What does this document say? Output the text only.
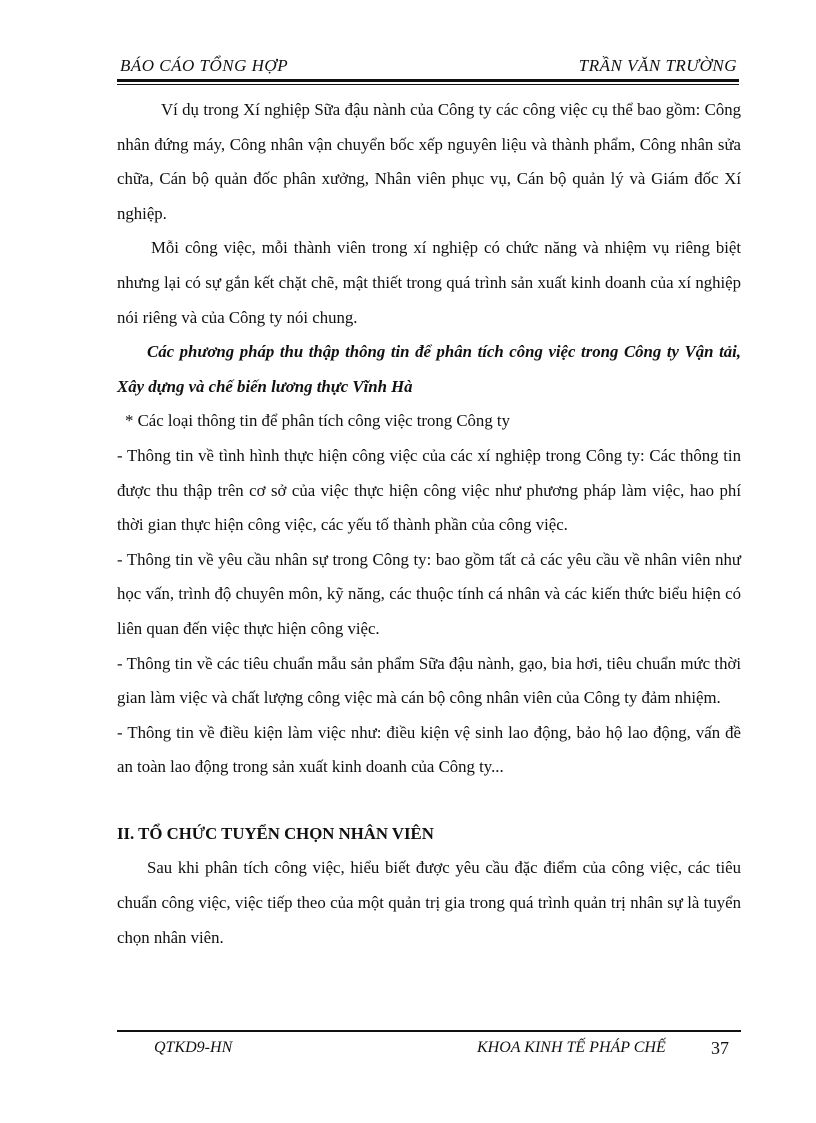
BÁO CÁO TỔNG HỢP	TRẦN VĂN TRƯỜNG

Ví dụ trong Xí nghiệp Sữa đậu nành của Công ty các công việc cụ thể bao gồm: Công nhân đứng máy, Công nhân vận chuyển bốc xếp nguyên liệu và thành phẩm, Công nhân sửa chữa, Cán bộ quản đốc phân xưởng, Nhân viên phục vụ, Cán bộ quản lý và Giám đốc Xí nghiệp.

Mỗi công việc, mỗi thành viên trong xí nghiệp có chức năng và nhiệm vụ riêng biệt nhưng lại có sự gắn kết chặt chẽ, mật thiết trong quá trình sản xuất kinh doanh của xí nghiệp nói riêng và của Công ty nói chung.

Các phương pháp thu thập thông tin để phân tích công việc trong Công ty Vận tải, Xây dựng và chế biến lương thực Vĩnh Hà

* Các loại thông tin để phân tích công việc trong Công ty

- Thông tin về tình hình thực hiện công việc của các xí nghiệp trong Công ty: Các thông tin được thu thập trên cơ sở của việc thực hiện công việc như phương pháp làm việc, hao phí thời gian thực hiện công việc, các yếu tố thành phần của công việc.

- Thông tin về yêu cầu nhân sự trong Công ty: bao gồm tất cả các yêu cầu về nhân viên như học vấn, trình độ chuyên môn, kỹ năng, các thuộc tính cá nhân và các kiến thức biểu hiện có liên quan đến việc thực hiện công việc.

- Thông tin về các tiêu chuẩn mẫu sản phẩm Sữa đậu nành, gạo, bia hơi, tiêu chuẩn mức thời gian làm việc và chất lượng công việc mà cán bộ công nhân viên của Công ty đảm nhiệm.

- Thông tin về điều kiện làm việc như: điều kiện vệ sinh lao động, bảo hộ lao động, vấn đề an toàn lao động trong sản xuất kinh doanh của Công ty...

II. TỔ CHỨC TUYỂN CHỌN NHÂN VIÊN

Sau khi phân tích công việc, hiểu biết được yêu cầu đặc điểm của công việc, các tiêu chuẩn công việc, việc tiếp theo của một quản trị gia trong quá trình quản trị nhân sự là tuyển chọn nhân viên.

QTKD9-HN	KHOA KINH TẾ PHÁP CHẾ	37
